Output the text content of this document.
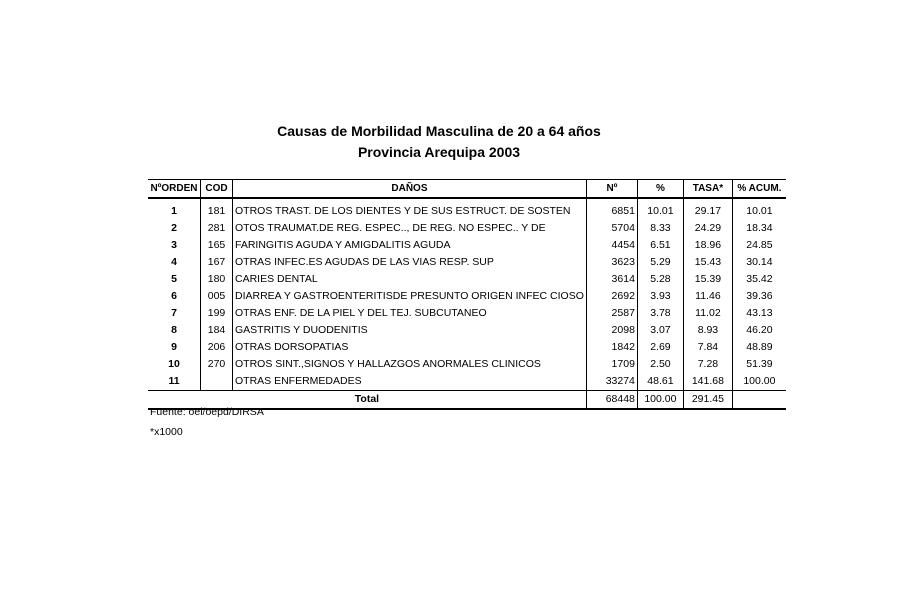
Causas de Morbilidad Masculina de 20 a 64 años
Provincia Arequipa 2003
NºORDEN	COD	DAÑOS	Nº	%	TASA*	% ACUM.

1	181	OTROS TRAST. DE LOS DIENTES Y DE SUS ESTRUCT. DE SOSTEN	6851	10.01	29.17	10.01
2	281	OTOS TRAUMAT.DE REG. ESPEC.., DE REG. NO ESPEC.. Y DE	5704	8.33	24.29	18.34
3	165	FARINGITIS AGUDA Y AMIGDALITIS AGUDA	4454	6.51	18.96	24.85
4	167	OTRAS INFEC.ES AGUDAS DE LAS VIAS RESP. SUP	3623	5.29	15.43	30.14
5	180	CARIES DENTAL	3614	5.28	15.39	35.42
6	005	DIARREA Y GASTROENTERITISDE PRESUNTO ORIGEN INFEC CIOSO	2692	3.93	11.46	39.36
7	199	OTRAS ENF. DE LA PIEL Y DEL TEJ. SUBCUTANEO	2587	3.78	11.02	43.13
8	184	GASTRITIS Y DUODENITIS	2098	3.07	8.93	46.20
9	206	OTRAS DORSOPATIAS	1842	2.69	7.84	48.89
10	270	OTROS SINT.,SIGNOS Y HALLAZGOS ANORMALES CLINICOS	1709	2.50	7.28	51.39
11		OTRAS ENFERMEDADES	33274	48.61	141.68	100.00
Total			68448	100.00	291.45	
Fuente: oei/oepd/DIRSA
*x1000
